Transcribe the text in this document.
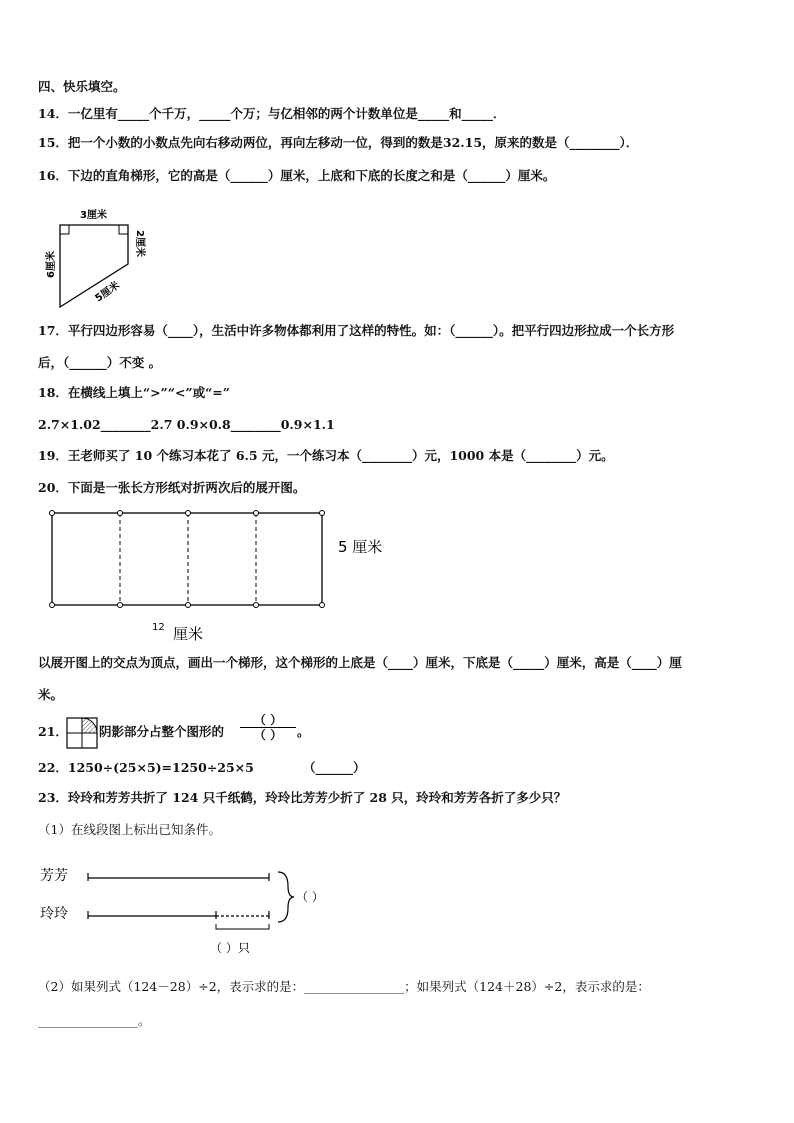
四、快乐填空。
14．一亿里有_____个千万，_____个万；与亿相邻的两个计数单位是_____和_____．
15．把一个小数的小数点先向右移动两位，再向左移动一位，得到的数是32.15，原来的数是（________）．
16．下边的直角梯形，它的高是（______）厘米，上底和下底的长度之和是（______）厘米。
3厘米
6厘米
2厘米
5厘米
17．平行四边形容易（____），生活中许多物体都利用了这样的特性。如：（______）。把平行四边形拉成一个长方形
后，（______）不变 。
18．在横线上填上“>”“<”或“=”
2.7×1.02________2.7 0.9×0.8________0.9×1.1
19．王老师买了 10 个练习本花了 6.5 元，一个练习本（________）元，1000 本是（________）元。
20．下面是一张长方形纸对折两次后的展开图。
5 厘米
12 厘米
以展开图上的交点为顶点，画出一个梯形，这个梯形的上底是（____）厘米，下底是（_____）厘米，高是（____）厘
米。
21． 阴影部分占整个图形的
（ ）
（ ）	。
22．1250÷(25×5)=1250÷25×5	（______）
23．玲玲和芳芳共折了 124 只千纸鹤，玲玲比芳芳少折了 28 只，玲玲和芳芳各折了多少只？
（1）在线段图上标出已知条件。
芳芳
玲玲
（ ）
（ ）只
（2）如果列式（124－28）÷2，表示求的是：________________；如果列式（124＋28）÷2，表示求的是：
________________。
